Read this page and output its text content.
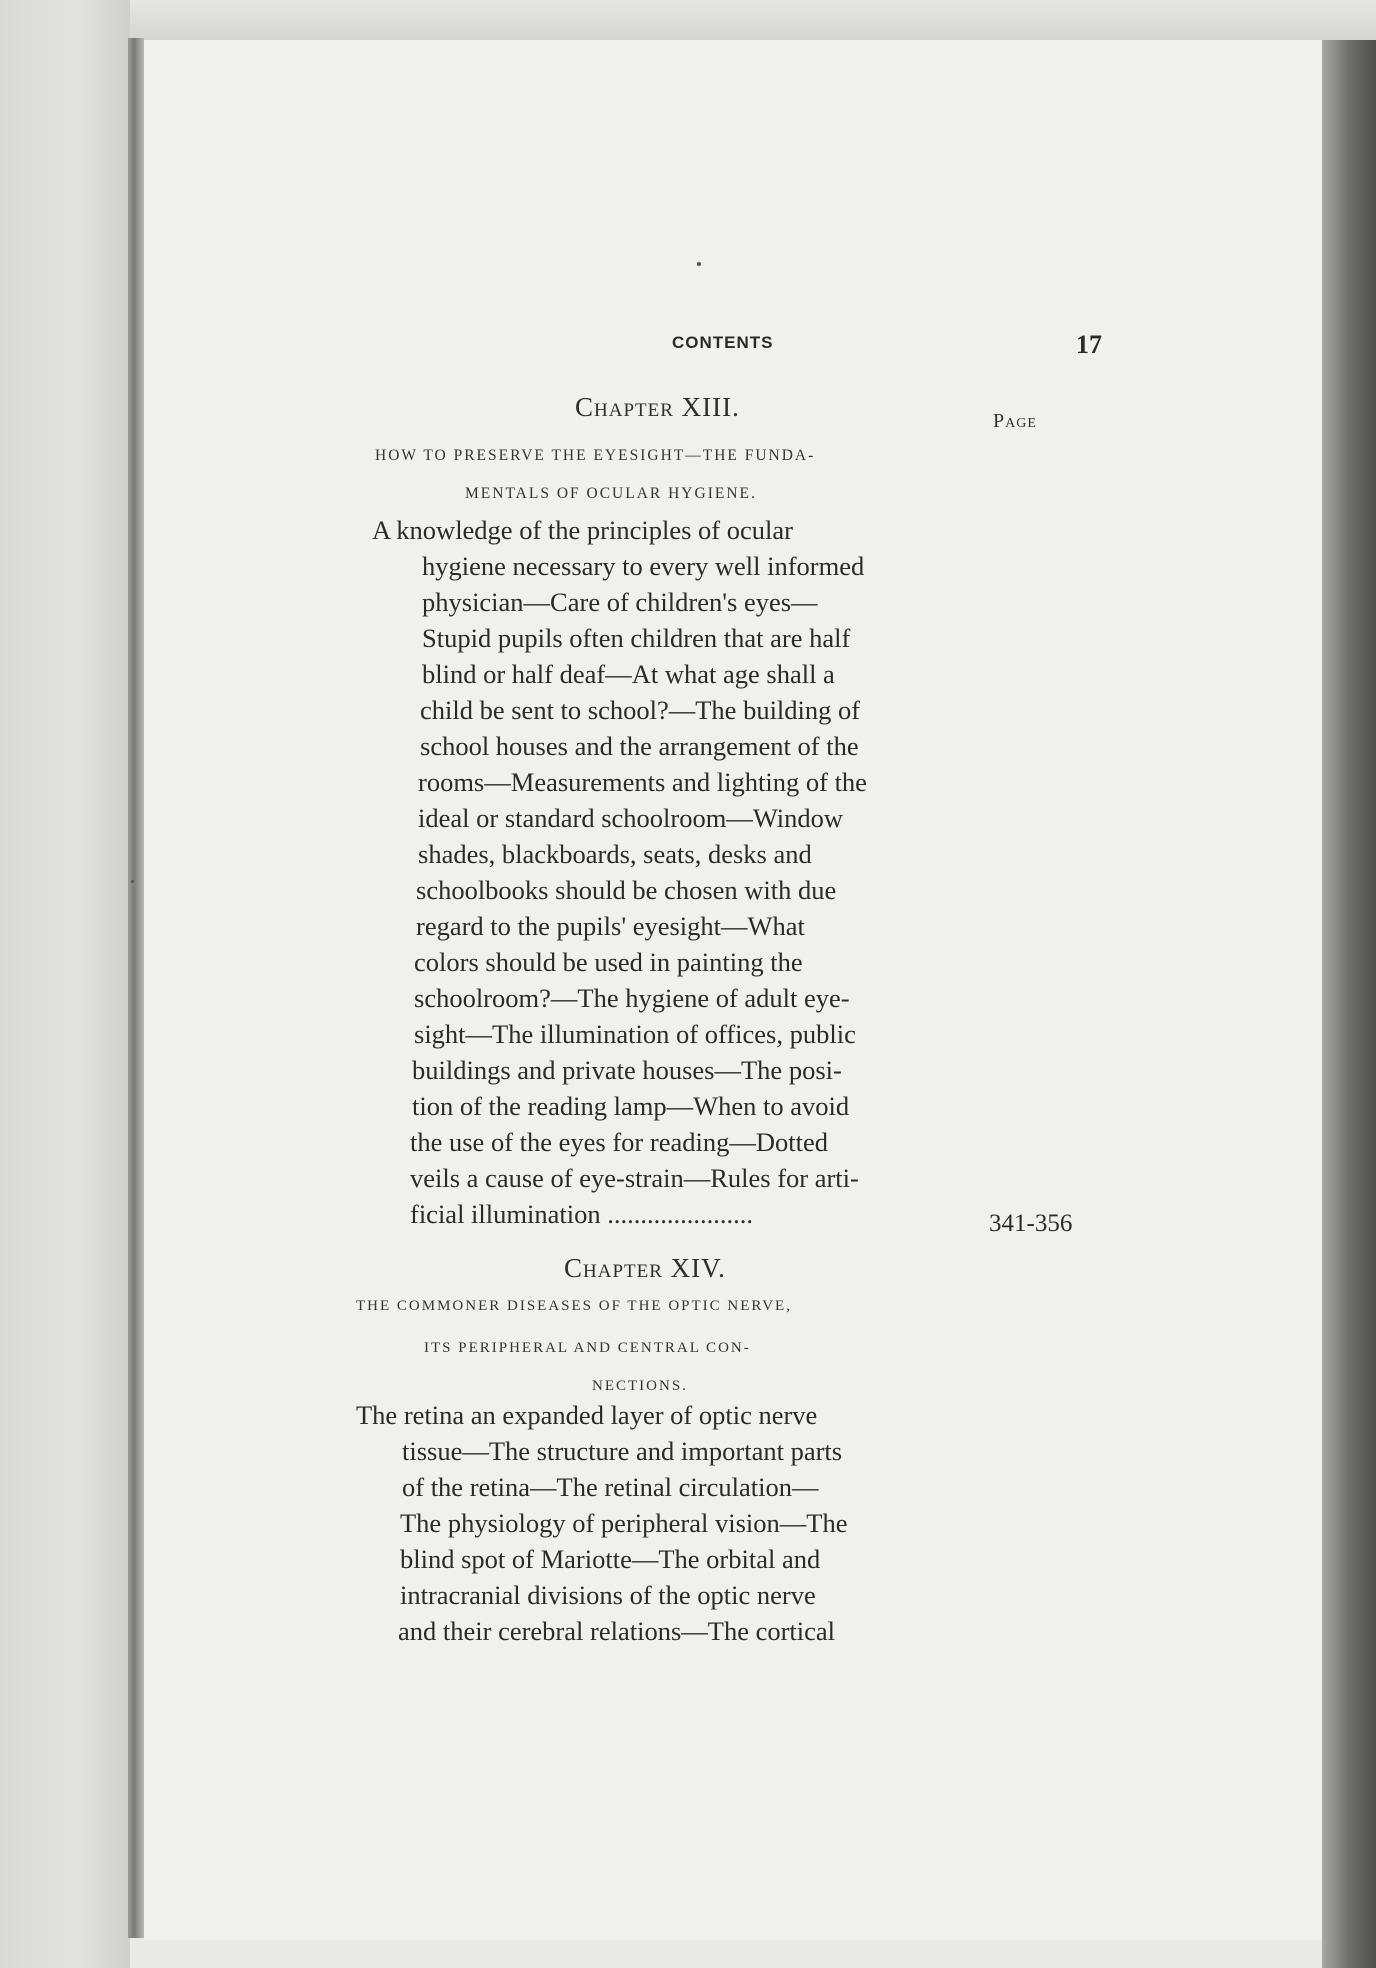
CONTENTS	17
Page
Chapter XIII.
HOW TO PRESERVE THE EYESIGHT—THE FUNDA-
MENTALS OF OCULAR HYGIENE.
A knowledge of the principles of ocular
hygiene necessary to every well informed
physician—Care of children's eyes—
Stupid pupils often children that are half
blind or half deaf—At what age shall a
child be sent to school?—The building of
school houses and the arrangement of the
rooms—Measurements and lighting of the
ideal or standard schoolroom—Window
shades, blackboards, seats, desks and
schoolbooks should be chosen with due
regard to the pupils' eyesight—What
colors should be used in painting the
schoolroom?—The hygiene of adult eye-
sight—The illumination of offices, public
buildings and private houses—The posi-
tion of the reading lamp—When to avoid
the use of the eyes for reading—Dotted
veils a cause of eye-strain—Rules for arti-
ficial illumination ......................	341-356
Chapter XIV.
THE COMMONER DISEASES OF THE OPTIC NERVE,
ITS PERIPHERAL AND CENTRAL CON-
NECTIONS.
The retina an expanded layer of optic nerve
tissue—The structure and important parts
of the retina—The retinal circulation—
The physiology of peripheral vision—The
blind spot of Mariotte—The orbital and
intracranial divisions of the optic nerve
and their cerebral relations—The cortical
